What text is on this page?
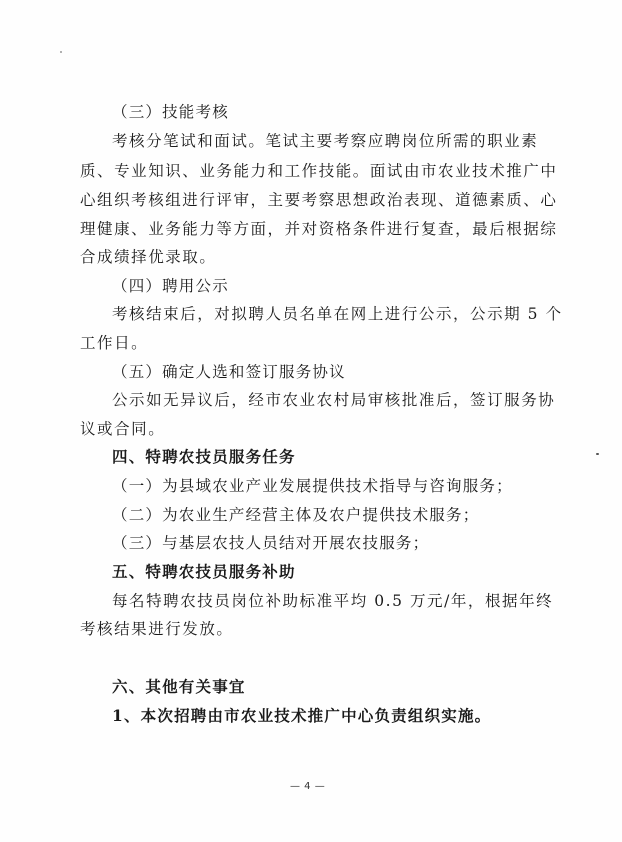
（三）技能考核
考核分笔试和面试。笔试主要考察应聘岗位所需的职业素
质、专业知识、业务能力和工作技能。面试由市农业技术推广中
心组织考核组进行评审，主要考察思想政治表现、道德素质、心
理健康、业务能力等方面，并对资格条件进行复查，最后根据综
合成绩择优录取。
（四）聘用公示
考核结束后，对拟聘人员名单在网上进行公示，公示期 5 个
工作日。
（五）确定人选和签订服务协议
公示如无异议后，经市农业农村局审核批准后，签订服务协
议或合同。
四、特聘农技员服务任务
（一）为县域农业产业发展提供技术指导与咨询服务；
（二）为农业生产经营主体及农户提供技术服务；
（三）与基层农技人员结对开展农技服务；
五、特聘农技员服务补助
每名特聘农技员岗位补助标准平均 0.5 万元/年，根据年终
考核结果进行发放。
六、其他有关事宜
1、本次招聘由市农业技术推广中心负责组织实施。
— 4 —
